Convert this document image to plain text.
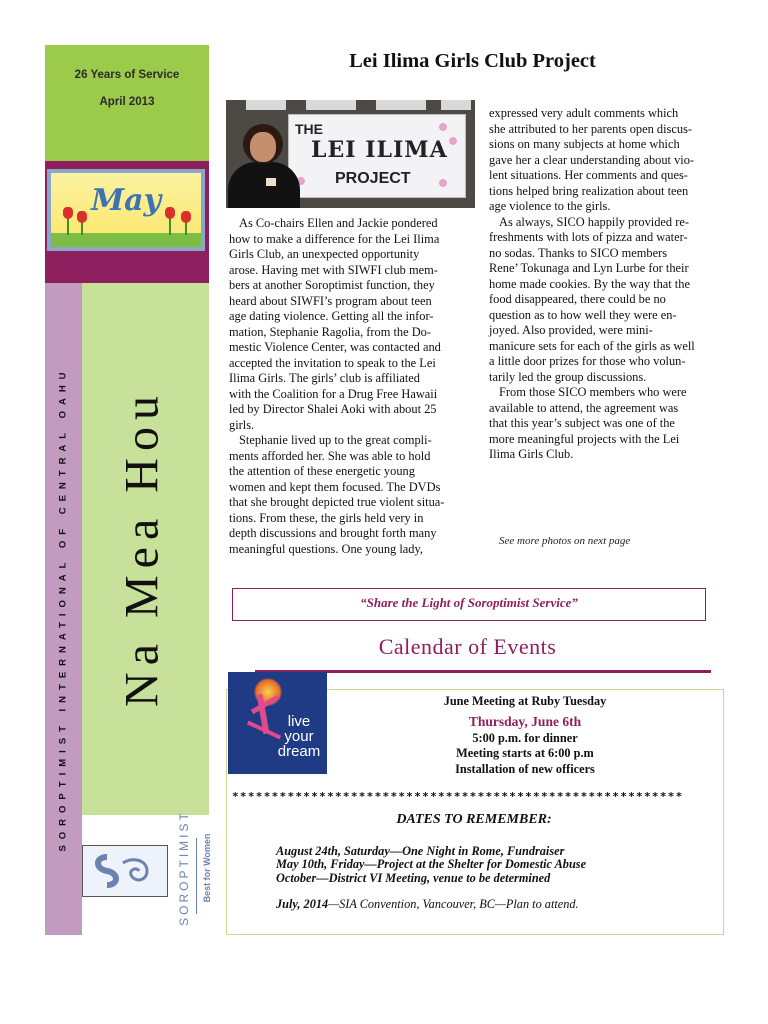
26 Years of Service
April 2013
May
SOROPTIMIST INTERNATIONAL OF CENTRAL OAHU Na Mea Hou
SOROPTIMIST Best for Women
Lei Ilima Girls Club Project
THE
LEI ILIMA
PROJECT
As Co-chairs Ellen and Jackie pondered
how to make a difference for the Lei Ilima
Girls Club, an unexpected opportunity
arose. Having met with SIWFI club mem-
bers at another Soroptimist function, they
heard about SIWFI’s program about teen
age dating violence. Getting all the infor-
mation, Stephanie Ragolia, from the Do-
mestic Violence Center, was contacted and
accepted the invitation to speak to the Lei
Ilima Girls. The girls’ club is affiliated
with the Coalition for a Drug Free Hawaii
led by Director Shalei Aoki with about 25
girls.
Stephanie lived up to the great compli-
ments afforded her. She was able to hold
the attention of these energetic young
women and kept them focused. The DVDs
that she brought depicted true violent situa-
tions. From these, the girls held very in
depth discussions and brought forth many
meaningful questions. One young lady,
expressed very adult comments which
she attributed to her parents open discus-
sions on many subjects at home which
gave her a clear understanding about vio-
lent situations. Her comments and ques-
tions helped bring realization about teen
age violence to the girls.
As always, SICO happily provided re-
freshments with lots of pizza and water-
no sodas. Thanks to SICO members
Rene’ Tokunaga and Lyn Lurbe for their
home made cookies. By the way that the
food disappeared, there could be no
question as to how well they were en-
joyed. Also provided, were mini-
manicure sets for each of the girls as well
a little door prizes for those who volun-
tarily led the group discussions.
From those SICO members who were
available to attend, the agreement was
that this year’s subject was one of the
more meaningful projects with the Lei
Ilima Girls Club.
See more photos on next page
“Share the Light of Soroptimist Service”
Calendar of Events
live
your
dream
June Meeting at Ruby Tuesday
Thursday, June 6th
5:00 p.m. for dinner
Meeting starts at 6:00 p.m
Installation of new officers
*********************************************************
DATES TO REMEMBER:
August 24th, Saturday—One Night in Rome, Fundraiser
May 10th, Friday—Project at the Shelter for Domestic Abuse
October—District VI Meeting, venue to be determined
July, 2014—SIA Convention, Vancouver, BC—Plan to attend.
